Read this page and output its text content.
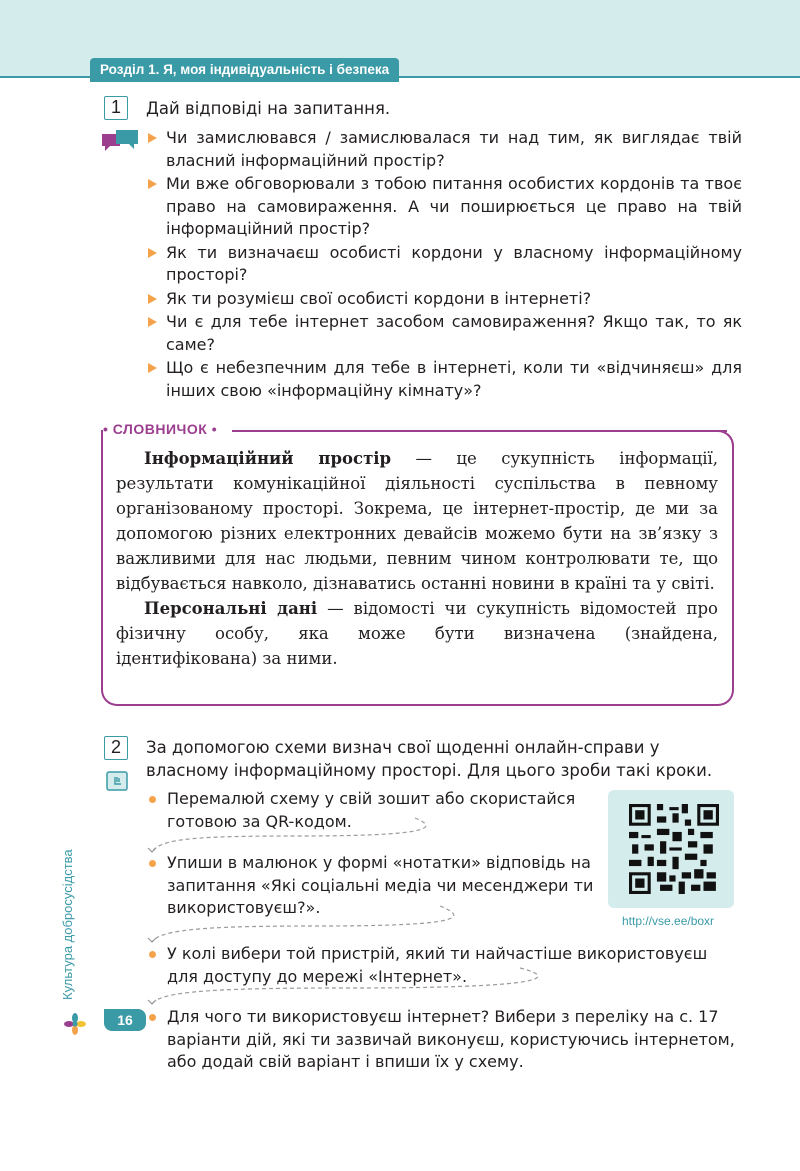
Розділ 1. Я, моя індивідуальність і безпека
1	Дай відповіді на запитання.
Чи замислювався / замислювалася ти над тим, як виглядає твій власний інформаційний простір?
Ми вже обговорювали з тобою питання особистих кордонів та твоє право на самовираження. А чи поширюється це право на твій інформаційний простір?
Як ти визначаєш особисті кордони у власному інформаційному просторі?
Як ти розумієш свої особисті кордони в інтернеті?
Чи є для тебе інтернет засобом самовираження? Якщо так, то як саме?
Що є небезпечним для тебе в інтернеті, коли ти «відчиняєш» для інших свою «інформаційну кімнату»?
• СЛОВНИЧОК •

Інформаційний простір — це сукупність інформації, результати комунікаційної діяльності суспільства в певному організованому просторі. Зокрема, це інтернет-простір, де ми за допомогою різних електронних девайсів можемо бути на зв’язку з важливими для нас людьми, певним чином контролювати те, що відбувається навколо, дізнаватись останні новини в країні та у світі.

Персональні дані — відомості чи сукупність відомостей про фізичну особу, яка може бути визначена (знайдена, ідентифікована) за ними.

2	За допомогою схеми визнач свої щоденні онлайн-справи у власному інформаційному просторі. Для цього зроби такі кроки.
http://vse.ee/boxr
Перемалюй схему у свій зошит або скористайся готовою за QR-кодом.
Упиши в малюнок у формі «нотатки» відповідь на запитання «Які соціальні медіа чи месенджери ти використовуєш?».
У колі вибери той пристрій, який ти найчастіше використовуєш для доступу до мережі «Інтернет».
Для чого ти використовуєш інтернет? Вибери з переліку на с. 17 варіанти дій, які ти зазвичай виконуєш, користуючись інтернетом, або додай свій варіант і впиши їх у схему.
Культура добросусідства
16
